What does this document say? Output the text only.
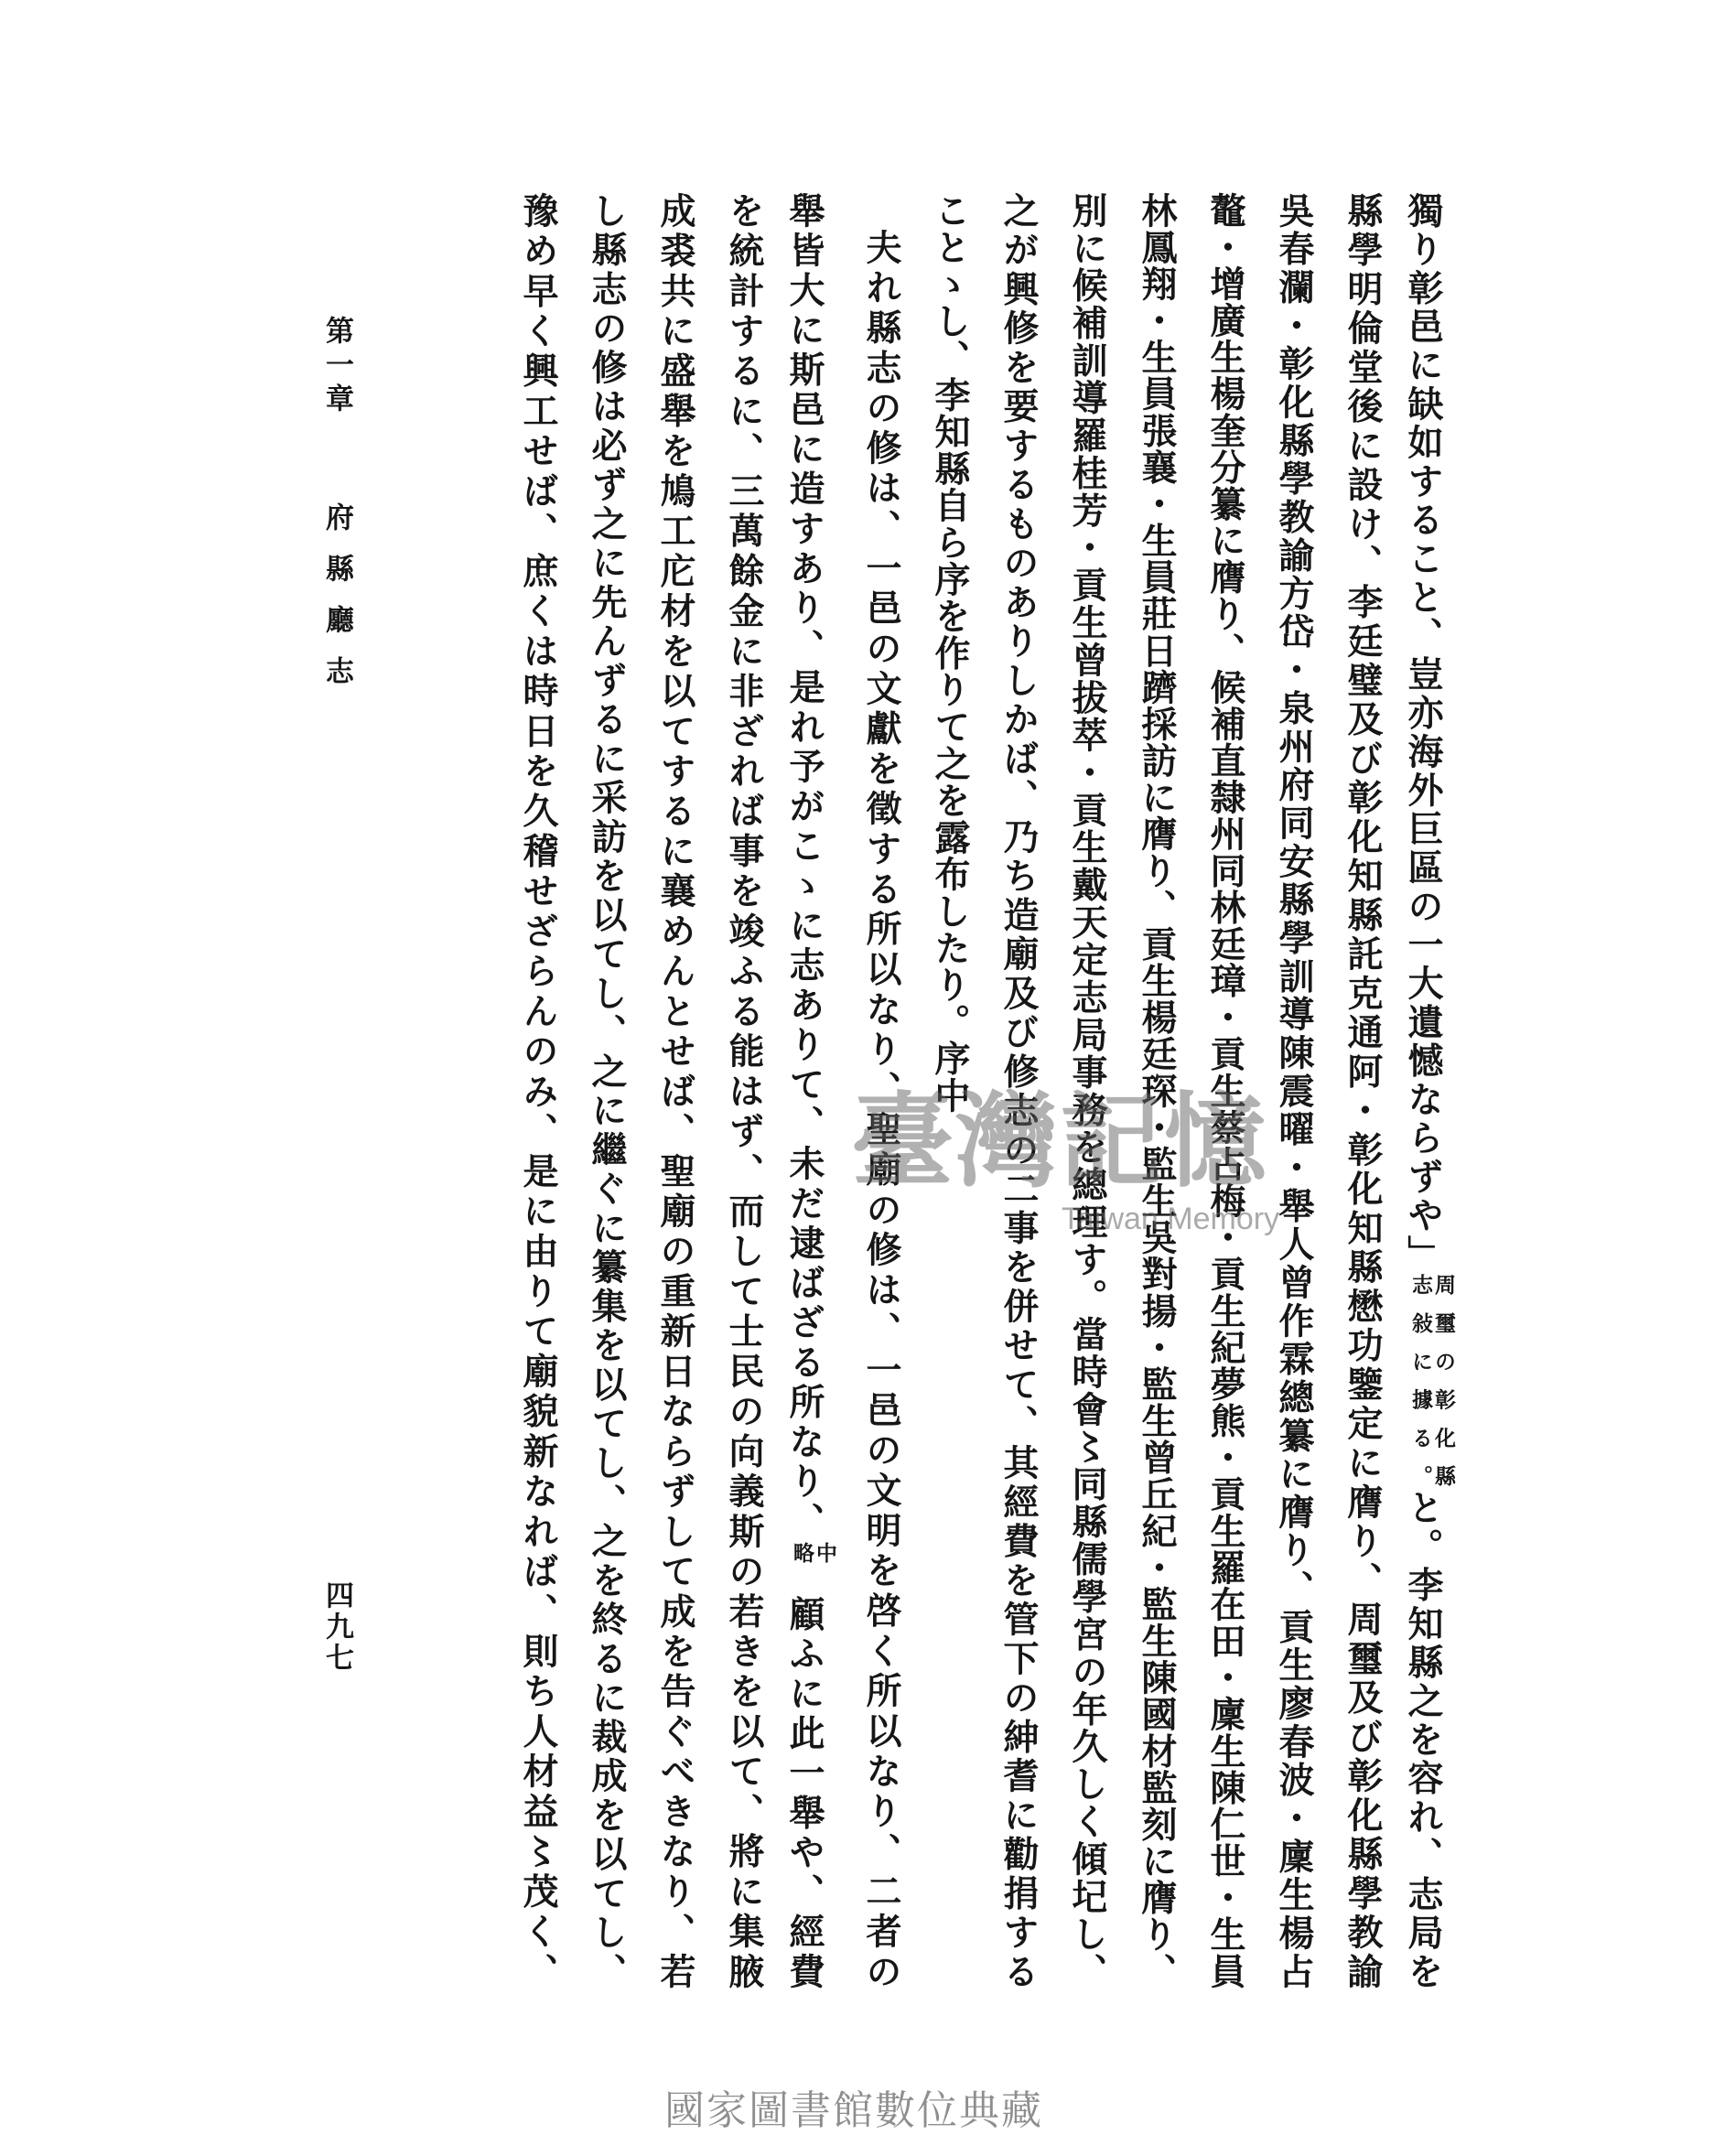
獨り彰邑に缺如すること、豈亦海外巨區の一大遺憾ならずや」
周璽の彰化縣
志敍に據る。
と。李知縣之を容れ、志局を
縣學明倫堂後に設け、李廷璧及び彰化知縣託克通阿・彰化知縣懋功鑒定に膺り、周璽及び彰化縣學教諭
吳春瀾・彰化縣學教諭方岱・泉州府同安縣學訓導陳震曜・舉人曾作霖總纂に膺り、貢生廖春波・廩生楊占
鼇・增廣生楊奎分纂に膺り、候補直隸州同林廷璋・貢生蔡占梅・貢生紀夢熊・貢生羅在田・廩生陳仁世・生員
林鳳翔・生員張襄・生員莊日躋採訪に膺り、貢生楊廷琛・監生吳對揚・監生曾丘紀・監生陳國材監刻に膺り、
別に候補訓導羅桂芳・貢生曾拔萃・貢生戴天定志局事務を總理す。當時會〻同縣儒學宮の年久しく傾圮し、
之が興修を要するものありしかば、乃ち造廟及び修志の二事を併せて、其經費を管下の紳耆に勸捐する
ことゝし、李知縣自ら序を作りて之を露布したり。序中
夫れ縣志の修は、一邑の文獻を徵する所以なり、聖廟の修は、一邑の文明を啓く所以なり、二者の
舉皆大に斯邑に造すあり、是れ予がこゝに志ありて、未だ逮ばざる所なり、
中
略
顧ふに此一舉や、經費
を統計するに、三萬餘金に非ざれば事を竣ふる能はず、而して士民の向義斯の若きを以て、將に集腋
成裘共に盛舉を鳩工庀材を以てするに襄めんとせば、聖廟の重新日ならずして成を告ぐべきなり、若
し縣志の修は必ず之に先んずるに采訪を以てし、之に繼ぐに纂集を以てし、之を終るに裁成を以てし、
豫め早く興工せば、庶くは時日を久稽せざらんのみ、是に由りて廟貌新なれば、則ち人材益〻茂く、
第一章
府縣廳志
四九七
臺灣記憶
Taiwan Memory
國家圖書館數位典藏
